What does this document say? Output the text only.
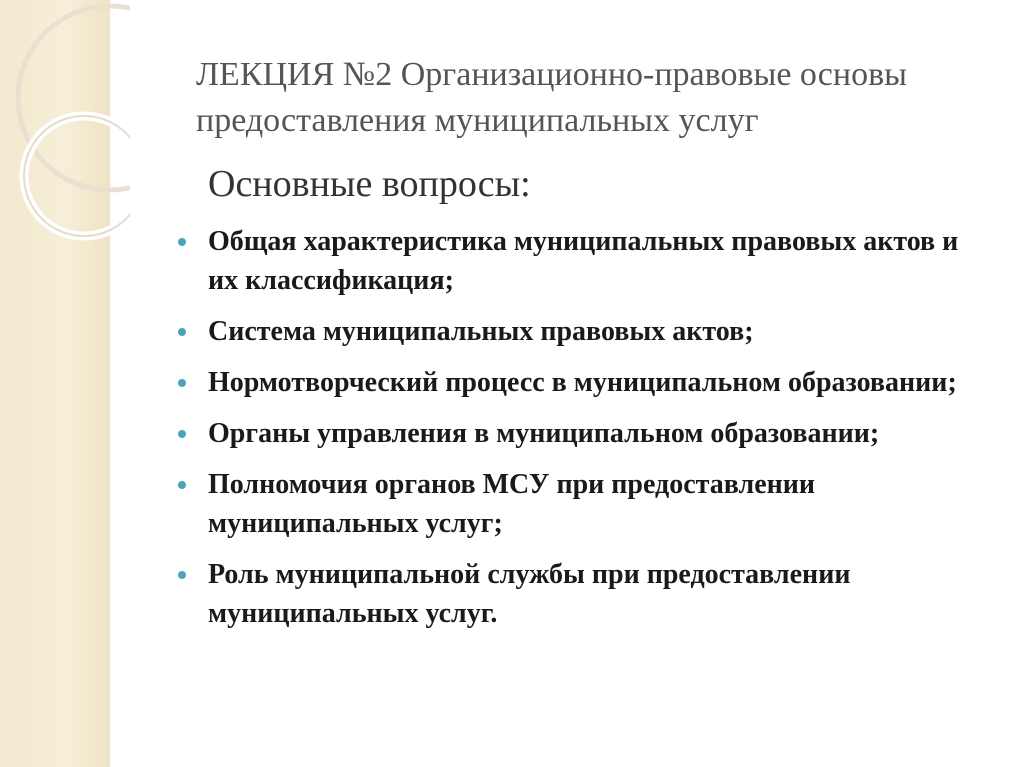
ЛЕКЦИЯ №2 Организационно-правовые основы предоставления муниципальных услуг
Основные вопросы:
Общая характеристика муниципальных правовых актов и их классификация;
Система муниципальных правовых актов;
Нормотворческий процесс в муниципальном образовании;
Органы управления в муниципальном образовании;
Полномочия органов МСУ при предоставлении муниципальных услуг;
Роль муниципальной службы при предоставлении муниципальных услуг.
